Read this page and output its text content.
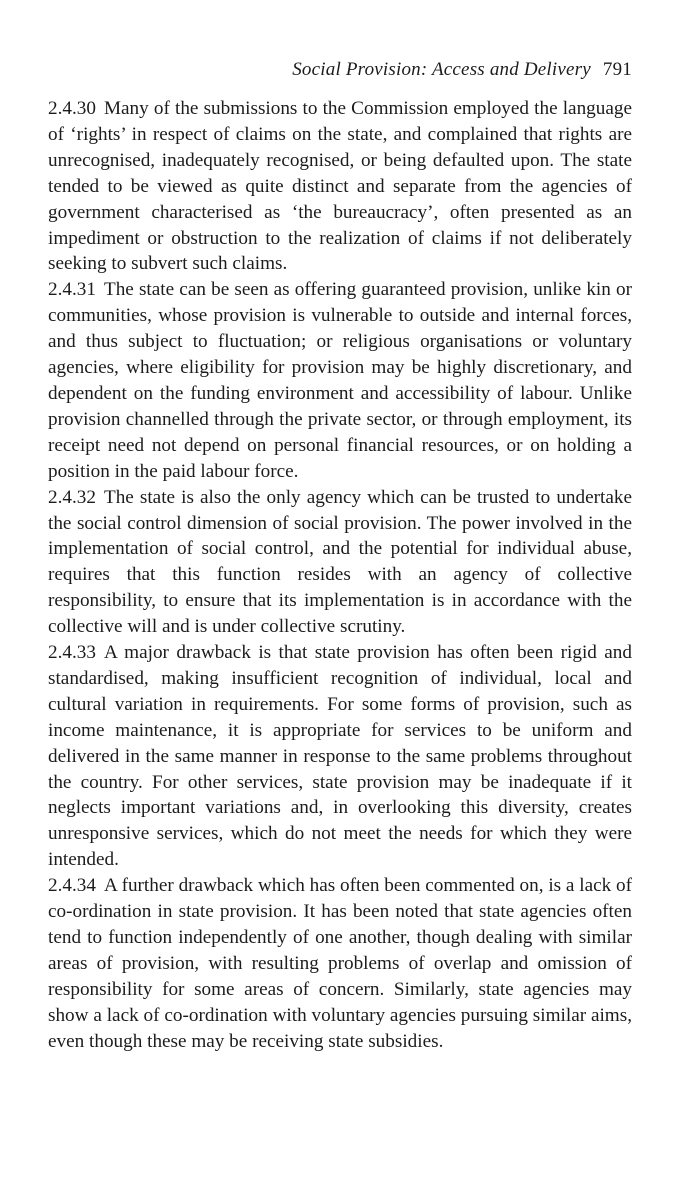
Social Provision: Access and Delivery 791

2.4.30 Many of the submissions to the Commission employed the language of ‘rights’ in respect of claims on the state, and complained that rights are unrecognised, inadequately recognised, or being defaulted upon. The state tended to be viewed as quite distinct and separate from the agencies of government characterised as ‘the bureaucracy’, often presented as an impediment or obstruction to the realization of claims if not deliberately seeking to subvert such claims.

2.4.31 The state can be seen as offering guaranteed provision, unlike kin or communities, whose provision is vulnerable to outside and internal forces, and thus subject to fluctuation; or religious organisations or voluntary agencies, where eligibility for provision may be highly discretionary, and dependent on the funding environment and accessibility of labour. Unlike provision channelled through the private sector, or through employment, its receipt need not depend on personal financial resources, or on holding a position in the paid labour force.

2.4.32 The state is also the only agency which can be trusted to undertake the social control dimension of social provision. The power involved in the implementation of social control, and the potential for individual abuse, requires that this function resides with an agency of collective responsibility, to ensure that its implementation is in accordance with the collective will and is under collective scrutiny.

2.4.33 A major drawback is that state provision has often been rigid and standardised, making insufficient recognition of individual, local and cultural variation in requirements. For some forms of provision, such as income maintenance, it is appropriate for services to be uniform and delivered in the same manner in response to the same problems throughout the country. For other services, state provision may be inadequate if it neglects important variations and, in overlooking this diversity, creates unresponsive services, which do not meet the needs for which they were intended.

2.4.34 A further drawback which has often been commented on, is a lack of co-ordination in state provision. It has been noted that state agencies often tend to function independently of one another, though dealing with similar areas of provision, with resulting problems of overlap and omission of responsibility for some areas of concern. Similarly, state agencies may show a lack of co-ordination with voluntary agencies pursuing similar aims, even though these may be receiving state subsidies.
